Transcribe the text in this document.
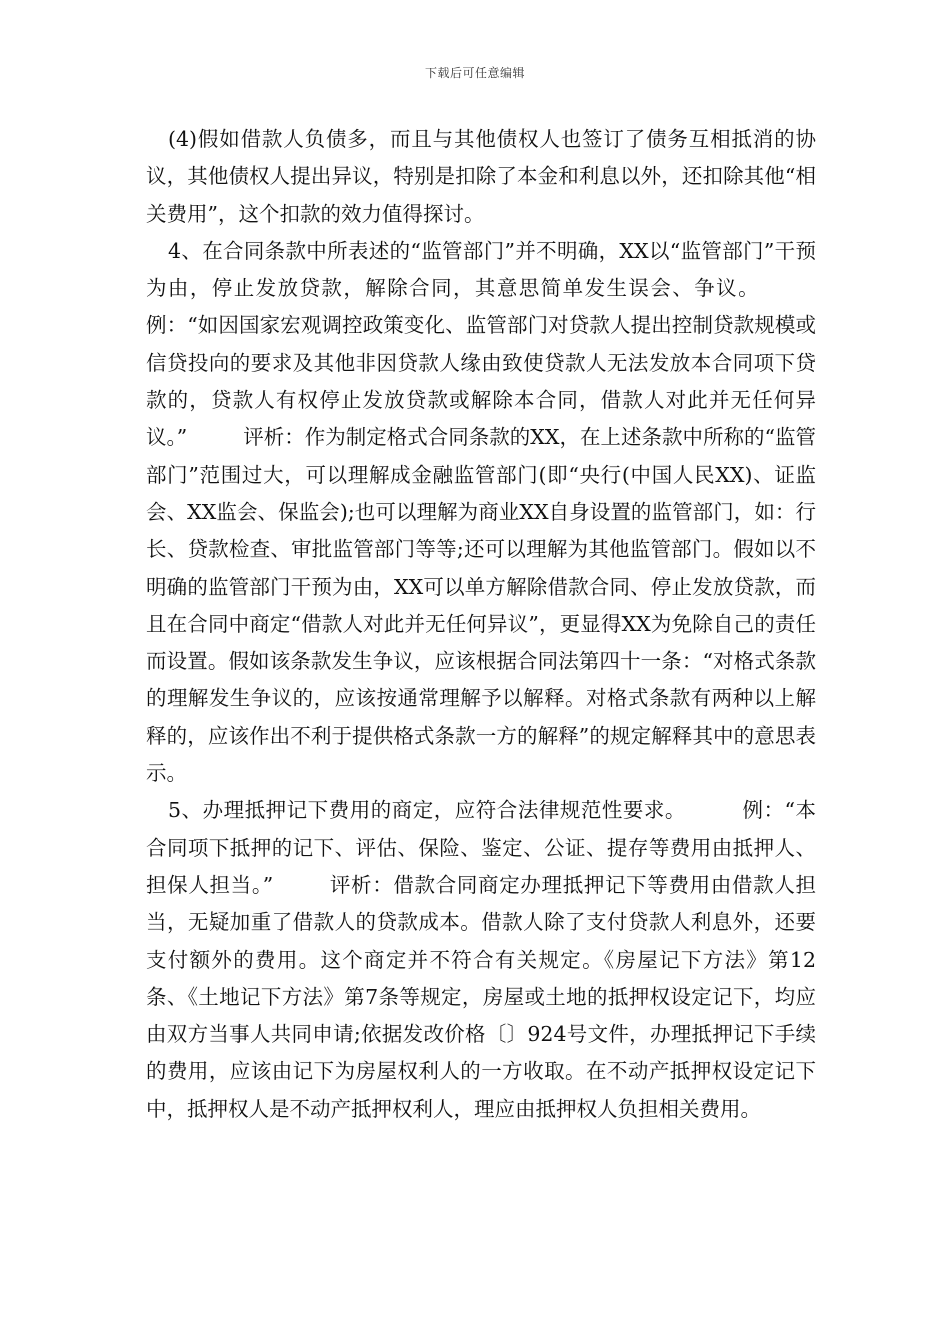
下载后可任意编辑

(4)假如借款人负债多，而且与其他债权人也签订了债务互相抵消的协议，其他债权人提出异议，特别是扣除了本金和利息以外，还扣除其他“相关费用”，这个扣款的效力值得探讨。

4、在合同条款中所表述的“监管部门”并不明确，XX以“监管部门”干预为由，停止发放贷款，解除合同，其意思简单发生误会、争议。例：“如因国家宏观调控政策变化、监管部门对贷款人提出控制贷款规模或信贷投向的要求及其他非因贷款人缘由致使贷款人无法发放本合同项下贷款的，贷款人有权停止发放贷款或解除本合同，借款人对此并无任何异议。”	评析：作为制定格式合同条款的XX，在上述条款中所称的“监管部门”范围过大，可以理解成金融监管部门(即“央行(中国人民XX)、证监会、XX监会、保监会);也可以理解为商业XX自身设置的监管部门，如：行长、贷款检查、审批监管部门等等;还可以理解为其他监管部门。假如以不明确的监管部门干预为由，XX可以单方解除借款合同、停止发放贷款，而且在合同中商定“借款人对此并无任何异议”，更显得XX为免除自己的责任而设置。假如该条款发生争议，应该根据合同法第四十一条：“对格式条款的理解发生争议的，应该按通常理解予以解释。对格式条款有两种以上解释的，应该作出不利于提供格式条款一方的解释”的规定解释其中的意思表示。

5、办理抵押记下费用的商定，应符合法律规范性要求。	例：“本合同项下抵押的记下、评估、保险、鉴定、公证、提存等费用由抵押人、担保人担当。”	评析：借款合同商定办理抵押记下等费用由借款人担当，无疑加重了借款人的贷款成本。借款人除了支付贷款人利息外，还要支付额外的费用。这个商定并不符合有关规定。《房屋记下方法》第12条、《土地记下方法》第7条等规定，房屋或土地的抵押权设定记下，均应由双方当事人共同申请;依据发改价格〔〕924号文件，办理抵押记下手续的费用，应该由记下为房屋权利人的一方收取。在不动产抵押权设定记下中，抵押权人是不动产抵押权利人，理应由抵押权人负担相关费用。
